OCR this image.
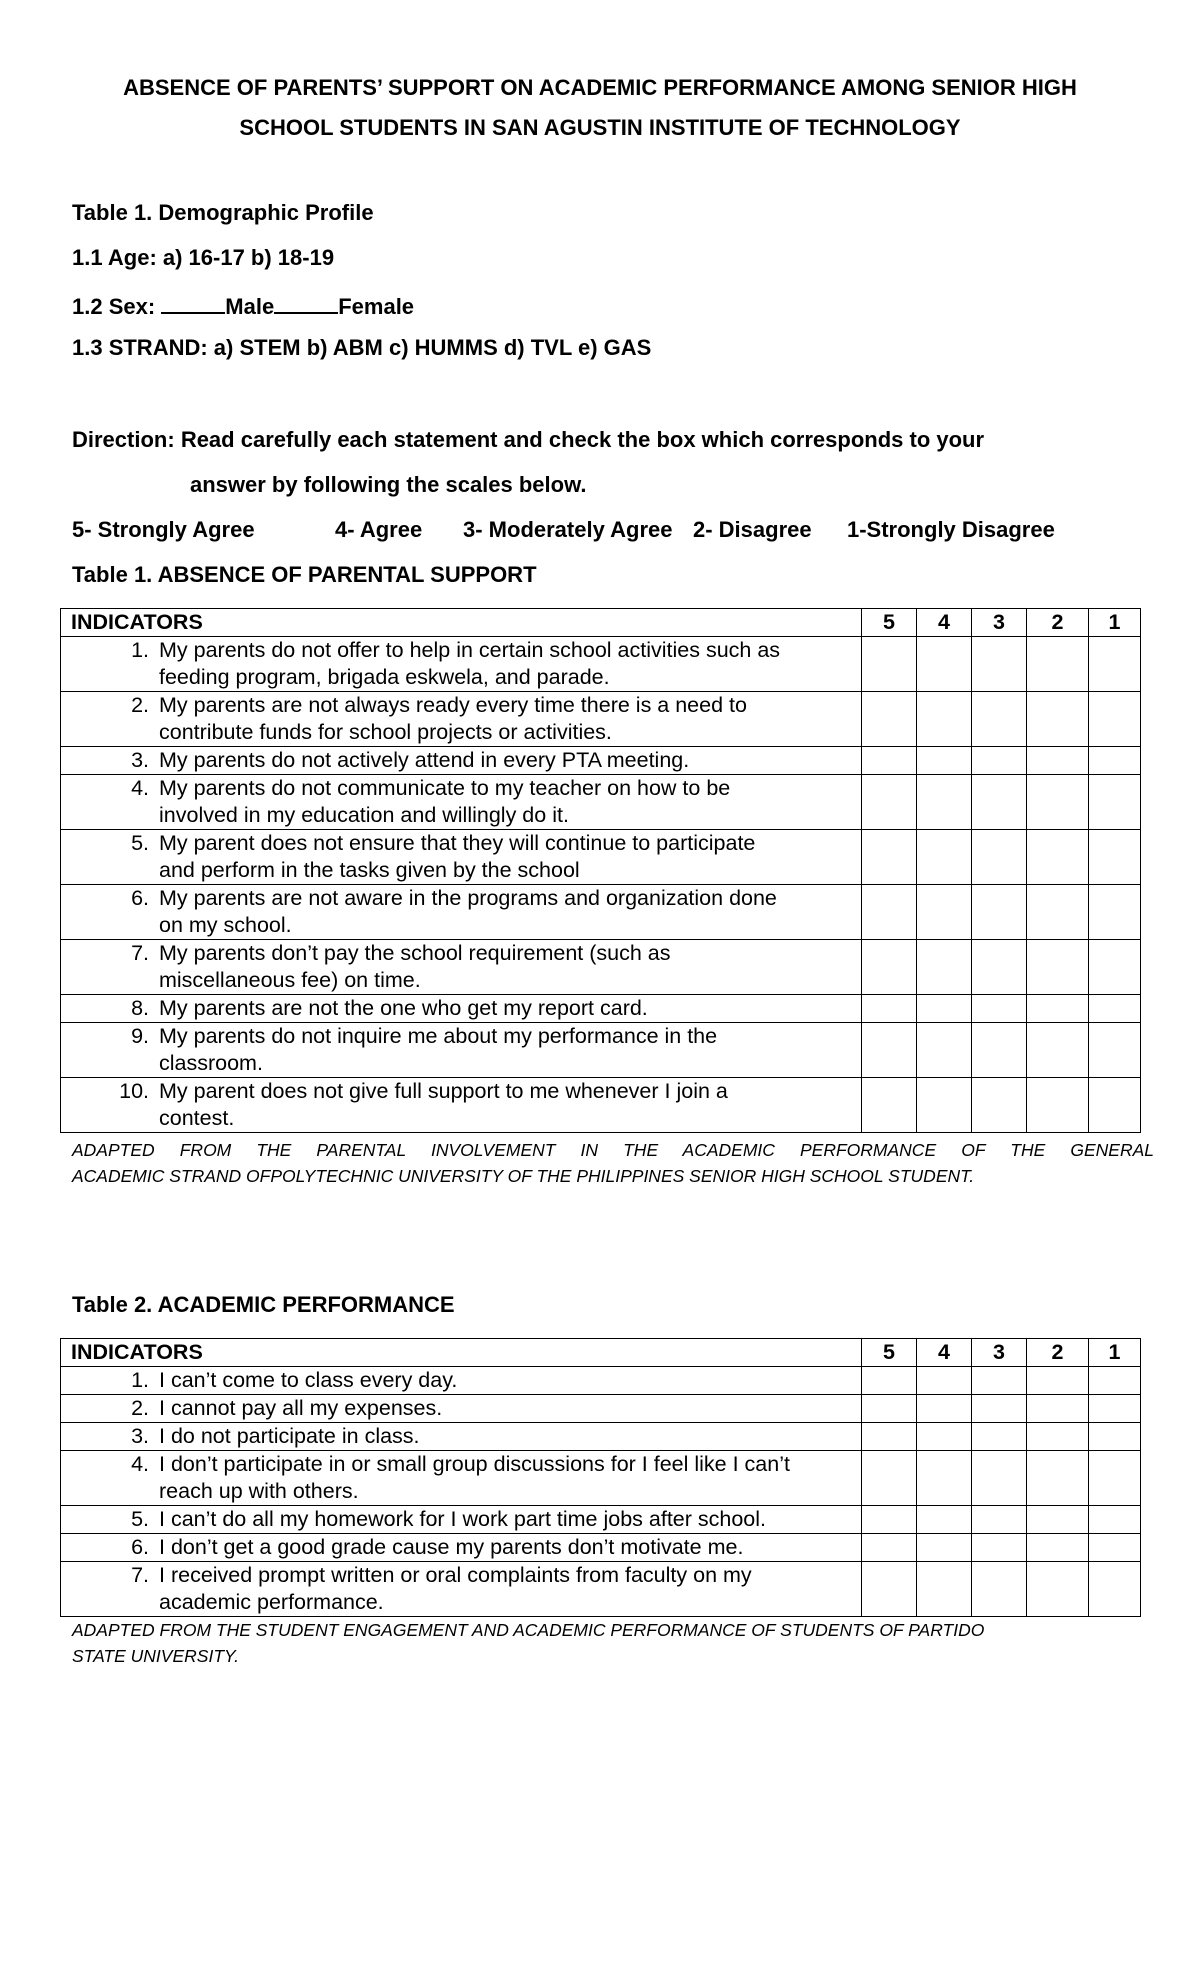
ABSENCE OF PARENTS’ SUPPORT ON ACADEMIC PERFORMANCE AMONG SENIOR HIGH
SCHOOL STUDENTS IN SAN AGUSTIN INSTITUTE OF TECHNOLOGY
Table 1. Demographic Profile
1.1 Age: a) 16-17 b) 18-19
1.2 Sex:	Male	Female
1.3 STRAND: a) STEM b) ABM c) HUMMS d) TVL e) GAS
Direction: Read carefully each statement and check the box which corresponds to your
answer by following the scales below.
5- Strongly Agree	4- Agree 3- Moderately Agree 2- Disagree 1-Strongly Disagree
Table 1. ABSENCE OF PARENTAL SUPPORT
INDICATORS	5	4	3	2	1

1. My parents do not offer to help in certain school activities such as
feeding program, brigada eskwela, and parade.					

2. My parents are not always ready every time there is a need to
contribute funds for school projects or activities.					

3. My parents do not actively attend in every PTA meeting.					

4. My parents do not communicate to my teacher on how to be
involved in my education and willingly do it.					

5. My parent does not ensure that they will continue to participate
and perform in the tasks given by the school					

6. My parents are not aware in the programs and organization done
on my school.					

7. My parents don’t pay the school requirement (such as
miscellaneous fee) on time.					

8. My parents are not the one who get my report card.					

9. My parents do not inquire me about my performance in the
classroom.					

10. My parent does not give full support to me whenever I join a
contest.					

ADAPTED FROM THE PARENTAL INVOLVEMENT IN THE ACADEMIC PERFORMANCE OF THE GENERAL
ACADEMIC STRAND OFPOLYTECHNIC UNIVERSITY OF THE PHILIPPINES SENIOR HIGH SCHOOL STUDENT.
Table 2. ACADEMIC PERFORMANCE
INDICATORS	5	4	3	2	1

1. I can’t come to class every day.					

2. I cannot pay all my expenses.					

3. I do not participate in class.					

4. I don’t participate in or small group discussions for I feel like I can’t
reach up with others.					

5. I can’t do all my homework for I work part time jobs after school.					

6. I don’t get a good grade cause my parents don’t motivate me.					

7. I received prompt written or oral complaints from faculty on my
academic performance.					

ADAPTED FROM THE STUDENT ENGAGEMENT AND ACADEMIC PERFORMANCE OF STUDENTS OF PARTIDO
STATE UNIVERSITY.
